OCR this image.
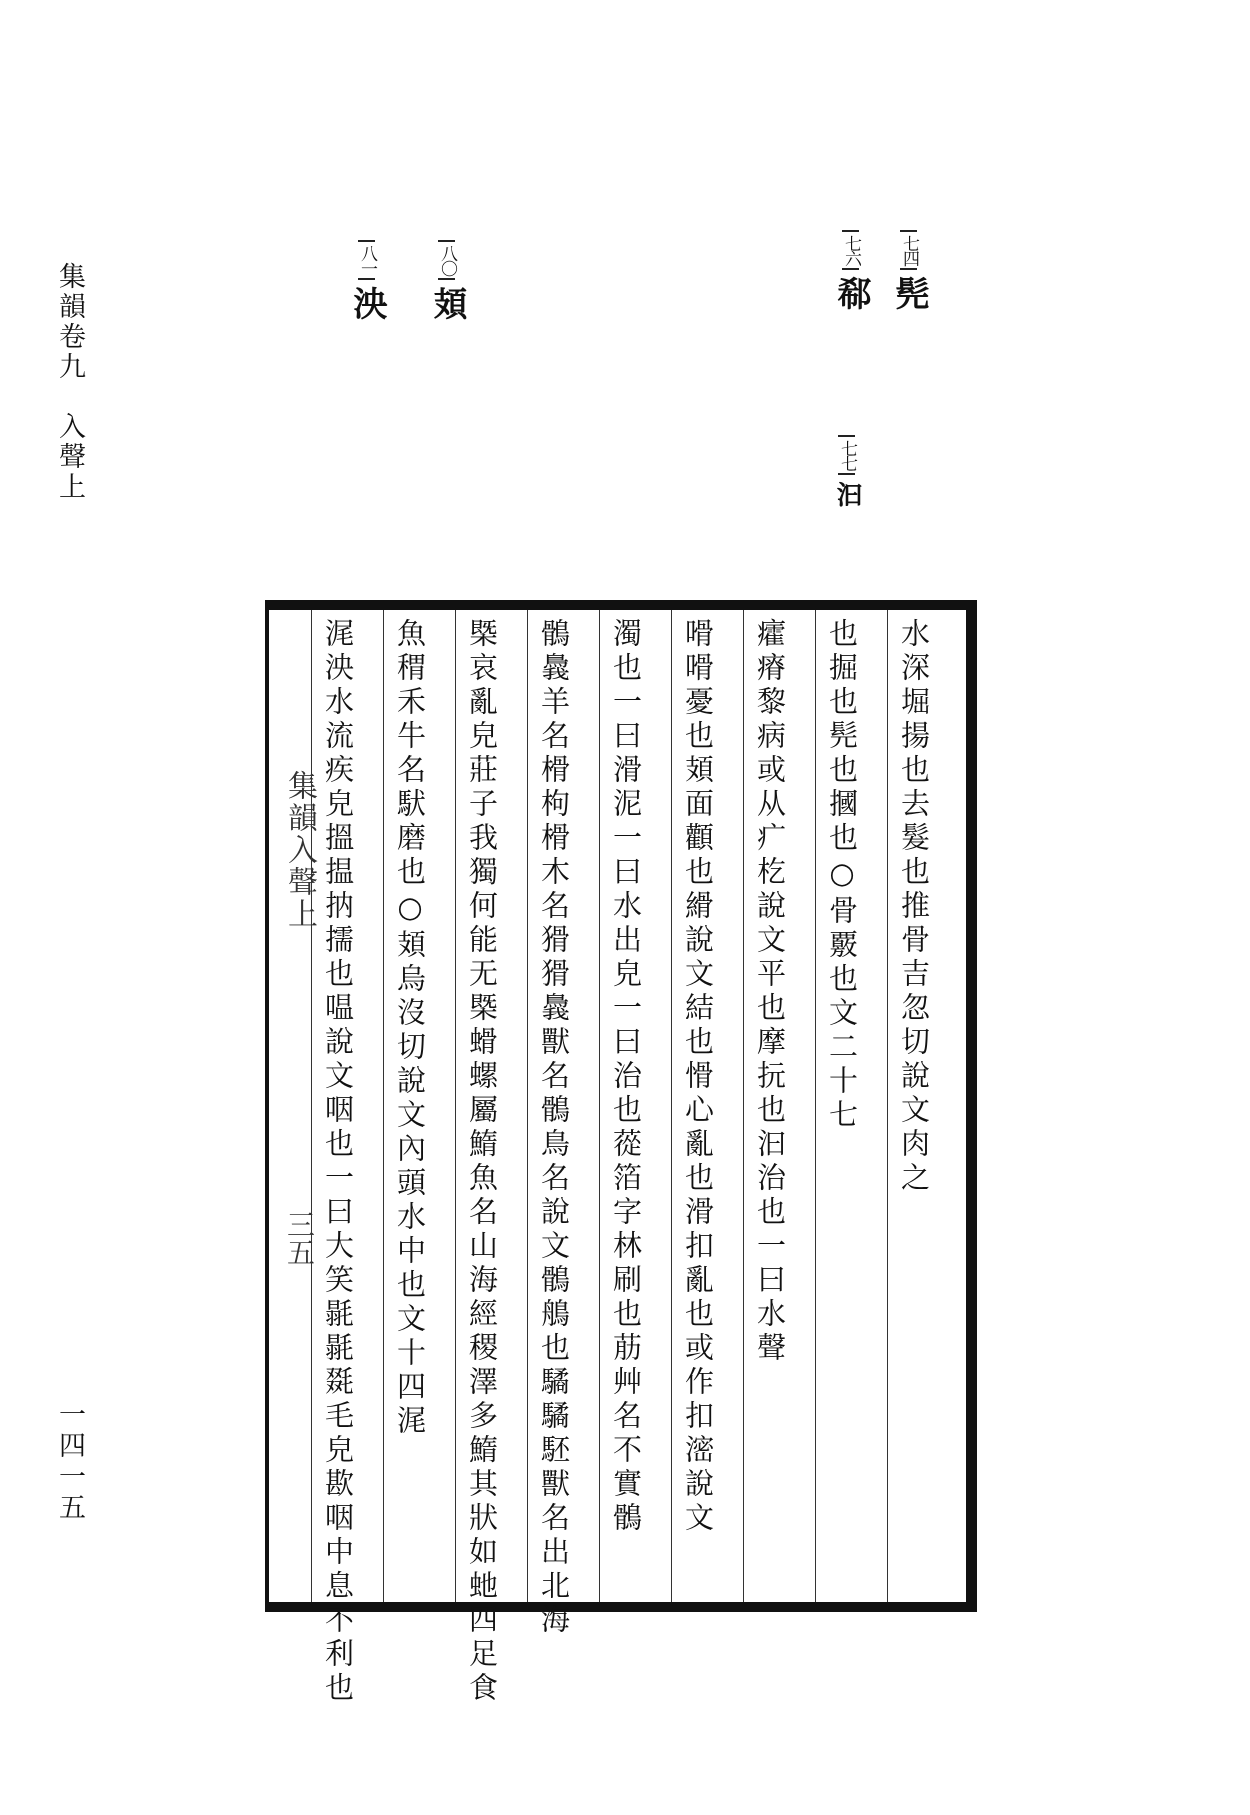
集韻卷九　入聲上
一四一五
七四髡
七六郗
七七汩
八〇頍
八一泱
集韻入聲上
三五
水深堀揚也去髮也推骨吉忽切說文肉之
也掘也髡也摑也○骨覈也文二十七
癨瘠黎病或从疒杚說文平也摩抏也汩治也一曰水聲
嗗嗗憂也頍面顴也縎說文結也愲心亂也滑扣亂也或作扣滵說文
濁也一曰滑泥一曰水出皃一曰治也蓯箔字林刷也荕艸名不實鶻
鶻䳗羊名榾枸榾木名猾猾䳗獸名鶻鳥名說文鶻鵃也驈驈駓獸名出北海
槩哀亂皃莊子我獨何能无槩螖螺屬鰖魚名山海經稷澤多鰖其狀如虵四足食
魚稩禾牛名䭾磨也○頍烏沒切說文內頭水中也文十四浘
浘泱水流疾皃搵揾抐擩也嗢說文咽也一曰大笑毾毾毲毛皃歁咽中息不利也
